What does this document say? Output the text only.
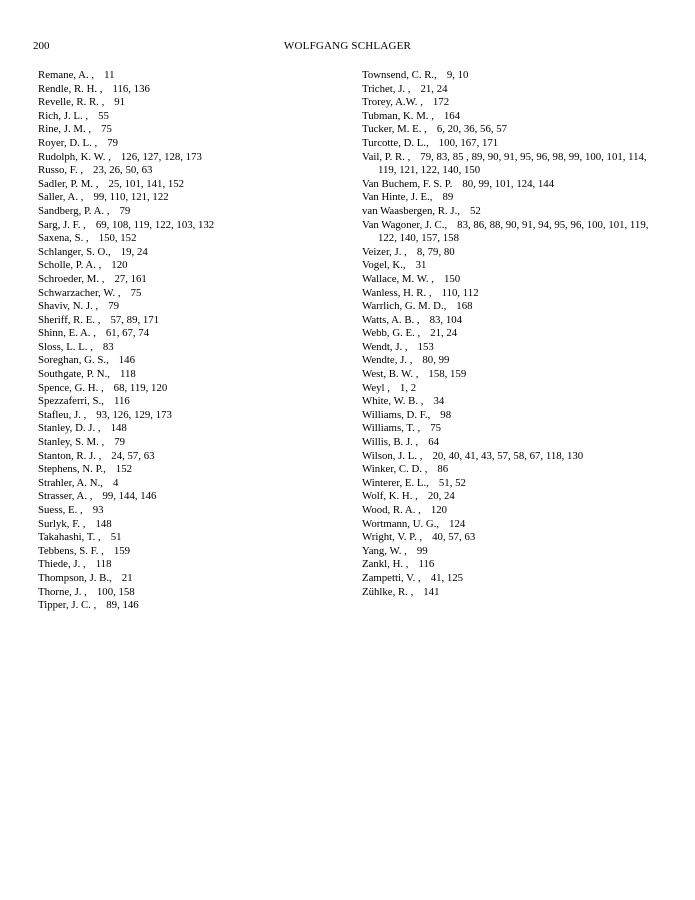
200	WOLFGANG SCHLAGER
Remane, A. , 11
Rendle, R. H. , 116, 136
Revelle, R. R. , 91
Rich, J. L. , 55
Rine, J. M. , 75
Royer, D. L. , 79
Rudolph, K. W. , 126, 127, 128, 173
Russo, F. , 23, 26, 50, 63
Sadler, P. M. , 25, 101, 141, 152
Saller, A. , 99, 110, 121, 122
Sandberg, P. A. , 79
Sarg, J. F. , 69, 108, 119, 122, 103, 132
Saxena, S. , 150, 152
Schlanger, S. O., 19, 24
Scholle, P. A. , 120
Schroeder, M. , 27, 161
Schwarzacher, W. , 75
Shaviv, N. J. , 79
Sheriff, R. E. , 57, 89, 171
Shinn, E. A. , 61, 67, 74
Sloss, L. L. , 83
Soreghan, G. S., 146
Southgate, P. N., 118
Spence, G. H. , 68, 119, 120
Spezzaferri, S., 116
Stafleu, J. , 93, 126, 129, 173
Stanley, D. J. , 148
Stanley, S. M. , 79
Stanton, R. J. , 24, 57, 63
Stephens, N. P., 152
Strahler, A. N., 4
Strasser, A. , 99, 144, 146
Suess, E. , 93
Surlyk, F. , 148
Takahashi, T. , 51
Tebbens, S. F. , 159
Thiede, J. , 118
Thompson, J. B., 21
Thorne, J. , 100, 158
Tipper, J. C. , 89, 146
Townsend, C. R., 9, 10
Trichet, J. , 21, 24
Trorey, A.W. , 172
Tubman, K. M. , 164
Tucker, M. E. , 6, 20, 36, 56, 57
Turcotte, D. L., 100, 167, 171
Vail, P. R. , 79, 83, 85 , 89, 90, 91, 95, 96, 98, 99, 100, 101, 114, 119, 121, 122, 140, 150
Van Buchem, F. S. P. 80, 99, 101, 124, 144
Van Hinte, J. E., 89
van Waasbergen, R. J., 52
Van Wagoner, J. C., 83, 86, 88, 90, 91, 94, 95, 96, 100, 101, 119, 122, 140, 157, 158
Veizer, J. , 8, 79, 80
Vogel, K., 31
Wallace, M. W. , 150
Wanless, H. R. , 110, 112
Warrlich, G. M. D., 168
Watts, A. B. , 83, 104
Webb, G. E. , 21, 24
Wendt, J. , 153
Wendte, J. , 80, 99
West, B. W. , 158, 159
Weyl , 1, 2
White, W. B. , 34
Williams, D. F., 98
Williams, T. , 75
Willis, B. J. , 64
Wilson, J. L. , 20, 40, 41, 43, 57, 58, 67, 118, 130
Winker, C. D. , 86
Winterer, E. L., 51, 52
Wolf, K. H. , 20, 24
Wood, R. A. , 120
Wortmann, U. G., 124
Wright, V. P. , 40, 57, 63
Yang, W. , 99
Zankl, H. , 116
Zampetti, V. , 41, 125
Zühlke, R. , 141
